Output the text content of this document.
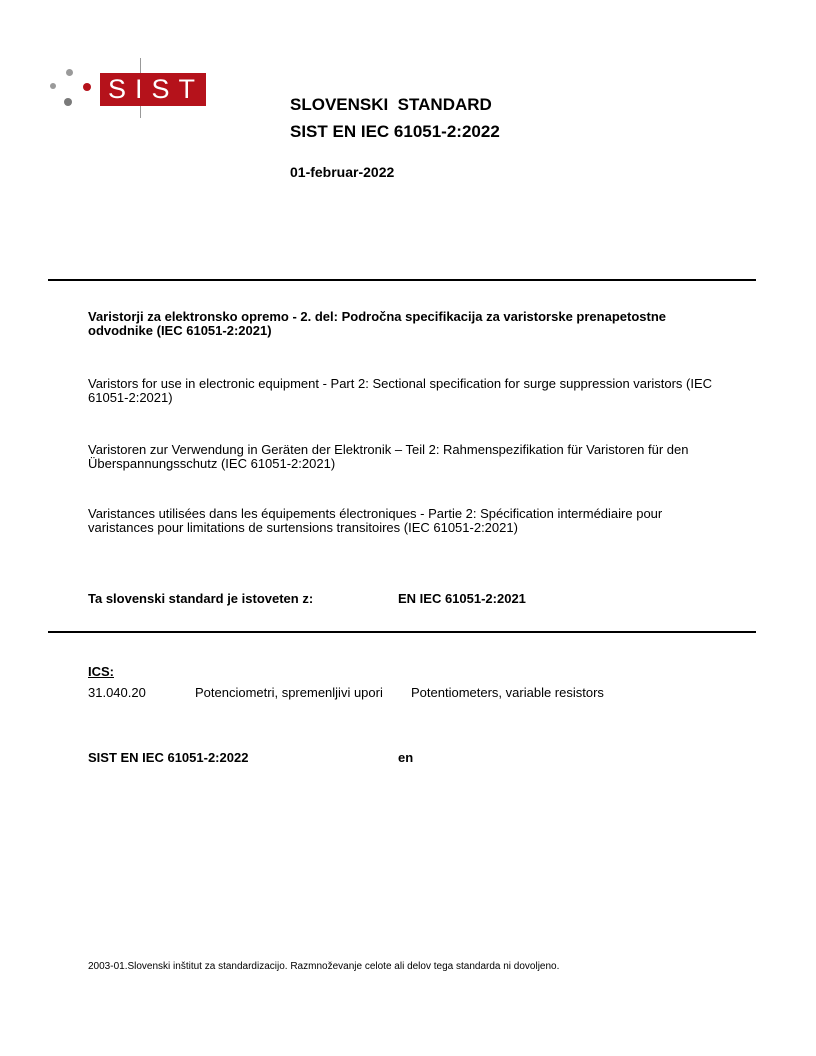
SIST
SLOVENSKI  STANDARD
SIST EN IEC 61051-2:2022
01-februar-2022
Varistorji za elektronsko opremo - 2. del: Področna specifikacija za varistorske prenapetostne odvodnike (IEC 61051-2:2021)
Varistors for use in electronic equipment - Part 2: Sectional specification for surge suppression varistors (IEC 61051-2:2021)
Varistoren zur Verwendung in Geräten der Elektronik – Teil 2: Rahmenspezifikation für Varistoren für den Überspannungsschutz (IEC 61051-2:2021)
Varistances utilisées dans les équipements électroniques - Partie 2: Spécification intermédiaire pour varistances pour limitations de surtensions transitoires (IEC 61051-2:2021)
Ta slovenski standard je istoveten z:	EN IEC 61051-2:2021
ICS:
31.040.20	Potenciometri, spremenljivi upori	Potentiometers, variable resistors
SIST EN IEC 61051-2:2022	en
2003-01.Slovenski inštitut za standardizacijo. Razmnoževanje celote ali delov tega standarda ni dovoljeno.
